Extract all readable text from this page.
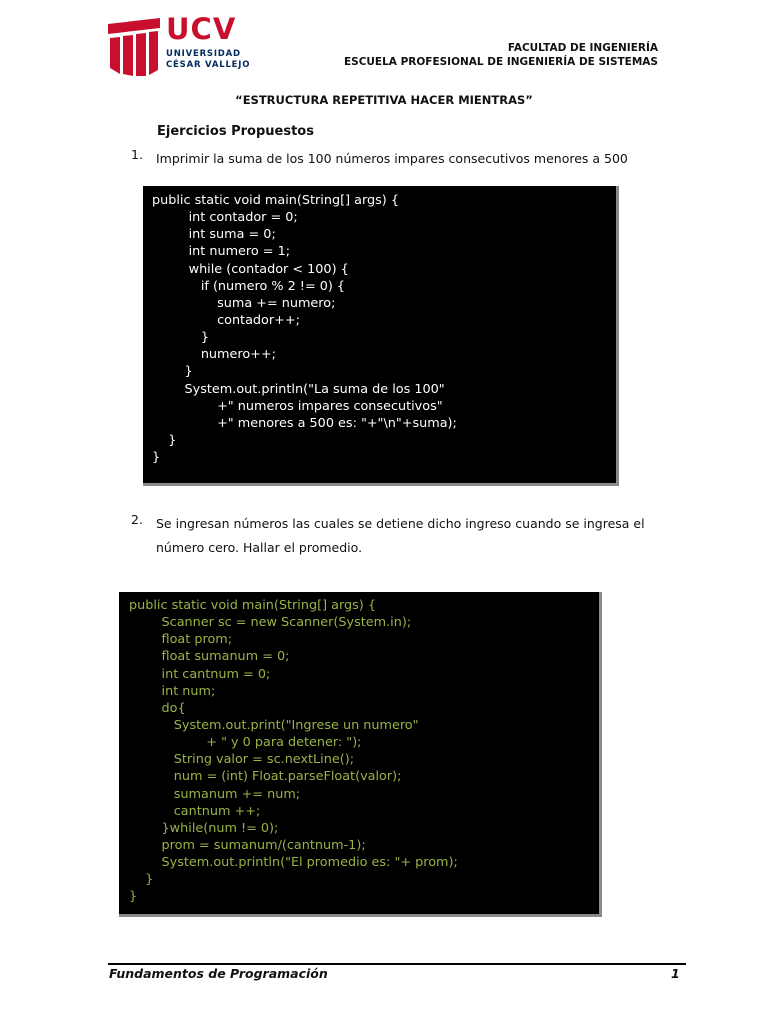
UCV
UNIVERSIDAD
CÉSAR VALLEJO
FACULTAD DE INGENIERÍA
ESCUELA PROFESIONAL DE INGENIERÍA DE SISTEMAS
“ESTRUCTURA REPETITIVA HACER MIENTRAS”
Ejercicios Propuestos
1. Imprimir la suma de los 100 números impares consecutivos menores a 500
public static void main(String[] args) {
int contador = 0;
int suma = 0;
int numero = 1;
while (contador < 100) {
if (numero % 2 != 0) {
suma += numero;
contador++;
}
numero++;
}
System.out.println("La suma de los 100"
+" numeros impares consecutivos"
+" menores a 500 es: "+"\n"+suma);
}
}
2. Se ingresan números las cuales se detiene dicho ingreso cuando se ingresa el número cero. Hallar el promedio.
public static void main(String[] args) {
Scanner sc = new Scanner(System.in);
float prom;
float sumanum = 0;
int cantnum = 0;
int num;
do{
System.out.print("Ingrese un numero"
+ " y 0 para detener: ");
String valor = sc.nextLine();
num = (int) Float.parseFloat(valor);
sumanum += num;
cantnum ++;
}while(num != 0);
prom = sumanum/(cantnum-1);
System.out.println("El promedio es: "+ prom);
}
}
Fundamentos de Programación	1
